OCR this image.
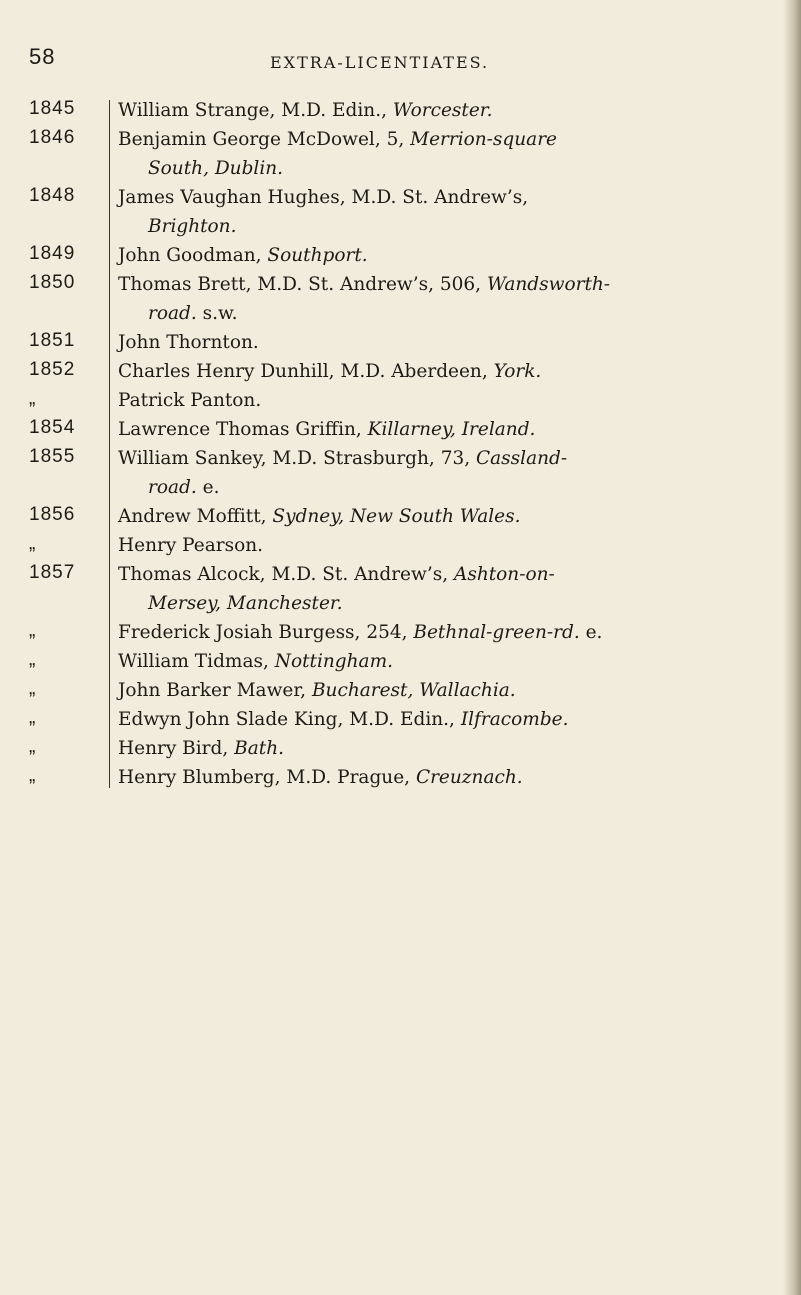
58	EXTRA-LICENTIATES.
1845	William Strange, M.D. Edin., Worcester.
1846	Benjamin George McDowel, 5, Merrion-square
South, Dublin.
1848	James Vaughan Hughes, M.D. St. Andrew’s,
Brighton.
1849	John Goodman, Southport.
1850	Thomas Brett, M.D. St. Andrew’s, 506, Wandsworth-
road. s.w.
1851	John Thornton.
1852	Charles Henry Dunhill, M.D. Aberdeen, York.
„	Patrick Panton.
1854	Lawrence Thomas Griffin, Killarney, Ireland.
1855	William Sankey, M.D. Strasburgh, 73, Cassland-
road. e.
1856	Andrew Moffitt, Sydney, New South Wales.
„	Henry Pearson.
1857	Thomas Alcock, M.D. St. Andrew’s, Ashton-on-
Mersey, Manchester.
„	Frederick Josiah Burgess, 254, Bethnal-green-rd. e.
„	William Tidmas, Nottingham.
„	John Barker Mawer, Bucharest, Wallachia.
„	Edwyn John Slade King, M.D. Edin., Ilfracombe.
„	Henry Bird, Bath.
„	Henry Blumberg, M.D. Prague, Creuznach.
